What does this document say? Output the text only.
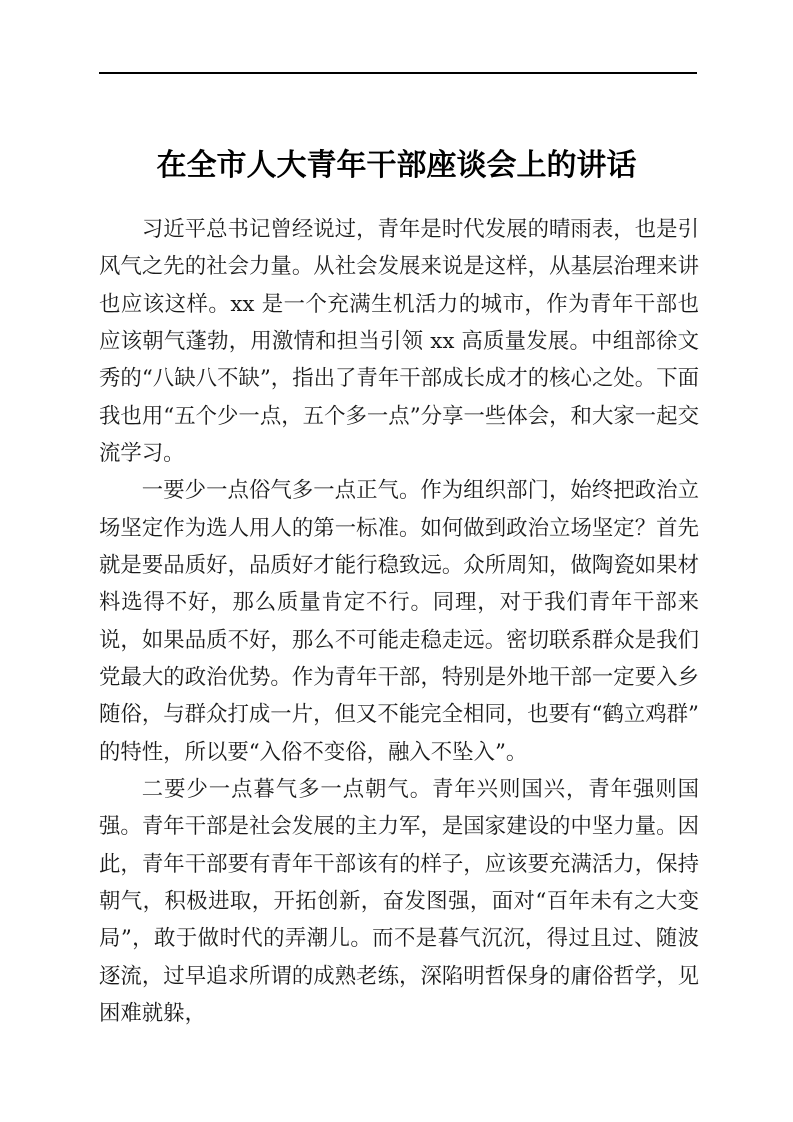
在全市人大青年干部座谈会上的讲话

习近平总书记曾经说过，青年是时代发展的晴雨表，也是引风气之先的社会力量。从社会发展来说是这样，从基层治理来讲也应该这样。xx 是一个充满生机活力的城市，作为青年干部也应该朝气蓬勃，用激情和担当引领 xx 高质量发展。中组部徐文秀的“八缺八不缺”，指出了青年干部成长成才的核心之处。下面我也用“五个少一点，五个多一点”分享一些体会，和大家一起交流学习。

一要少一点俗气多一点正气。作为组织部门，始终把政治立场坚定作为选人用人的第一标准。如何做到政治立场坚定？首先就是要品质好，品质好才能行稳致远。众所周知，做陶瓷如果材料选得不好，那么质量肯定不行。同理，对于我们青年干部来说，如果品质不好，那么不可能走稳走远。密切联系群众是我们党最大的政治优势。作为青年干部，特别是外地干部一定要入乡随俗，与群众打成一片，但又不能完全相同，也要有“鹤立鸡群”的特性，所以要“入俗不变俗，融入不坠入”。

二要少一点暮气多一点朝气。青年兴则国兴，青年强则国强。青年干部是社会发展的主力军，是国家建设的中坚力量。因此，青年干部要有青年干部该有的样子，应该要充满活力，保持朝气，积极进取，开拓创新，奋发图强，面对“百年未有之大变局”，敢于做时代的弄潮儿。而不是暮气沉沉，得过且过、随波逐流，过早追求所谓的成熟老练，深陷明哲保身的庸俗哲学，见困难就躲，
